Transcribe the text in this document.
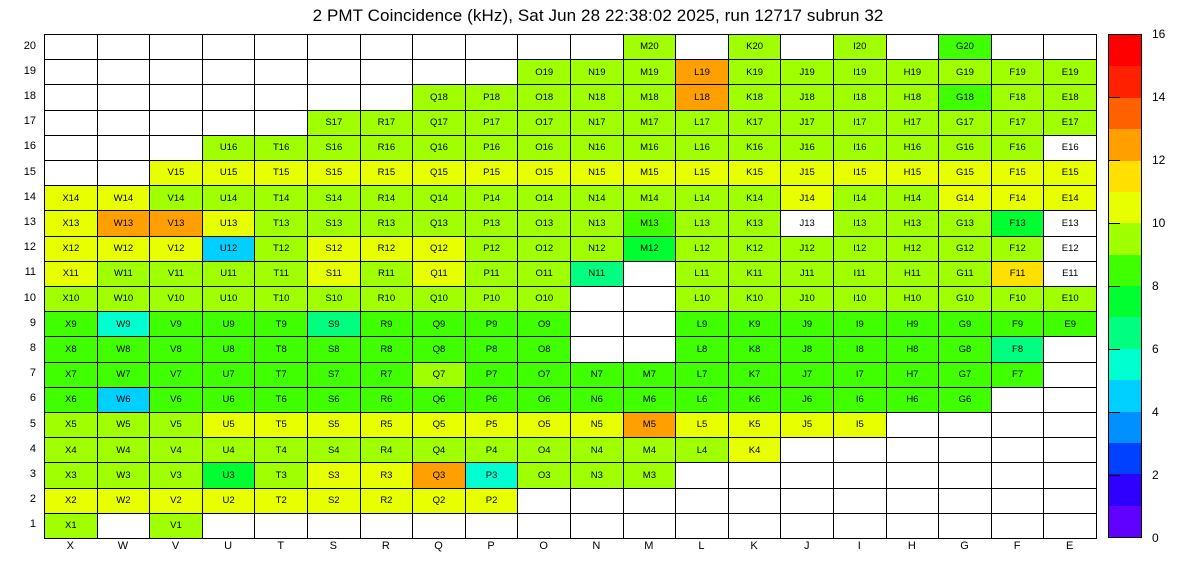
2 PMT Coincidence (kHz), Sat Jun 28 22:38:02 2025, run 12717 subrun 32
20
19
18
17
16
15
14
13
12
11
10
9
8
7
6
5
4
3
2
1
M20	K20	I20	G20
O19	N19	M19	L19	K19	J19	I19	H19	G19	F19	E19
Q18	P18	O18	N18	M18	L18	K18	J18	I18	H18	G18	F18	E18
S17	R17	Q17	P17	O17	N17	M17	L17	K17	J17	I17	H17	G17	F17	E17
U16	T16	S16	R16	Q16	P16	O16	N16	M16	L16	K16	J16	I16	H16	G16	F16	E16
V15	U15	T15	S15	R15	Q15	P15	O15	N15	M15	L15	K15	J15	I15	H15	G15	F15	E15
X14	W14	V14	U14	T14	S14	R14	Q14	P14	O14	N14	M14	L14	K14	J14	I14	H14	G14	F14	E14
X13	W13	V13	U13	T13	S13	R13	Q13	P13	O13	N13	M13	L13	K13	J13	I13	H13	G13	F13	E13
X12	W12	V12	U12	T12	S12	R12	Q12	P12	O12	N12	M12	L12	K12	J12	I12	H12	G12	F12	E12
X11	W11	V11	U11	T11	S11	R11	Q11	P11	O11	N11	L11	K11	J11	I11	H11	G11	F11	E11
X10	W10	V10	U10	T10	S10	R10	Q10	P10	O10	L10	K10	J10	I10	H10	G10	F10	E10
X9	W9	V9	U9	T9	S9	R9	Q9	P9	O9	L9	K9	J9	I9	H9	G9	F9	E9
X8	W8	V8	U8	T8	S8	R8	Q8	P8	O8	L8	K8	J8	I8	H8	G8	F8
X7	W7	V7	U7	T7	S7	R7	Q7	P7	O7	N7	M7	L7	K7	J7	I7	H7	G7	F7
X6	W6	V6	U6	T6	S6	R6	Q6	P6	O6	N6	M6	L6	K6	J6	I6	H6	G6
X5	W5	V5	U5	T5	S5	R5	Q5	P5	O5	N5	M5	L5	K5	J5	I5
X4	W4	V4	U4	T4	S4	R4	Q4	P4	O4	N4	M4	L4	K4
X3	W3	V3	U3	T3	S3	R3	Q3	P3	O3	N3	M3
X2	W2	V2	U2	T2	S2	R2	Q2	P2
X1	V1
X	W	V	U	T	S	R	Q	P	O	N	M	L	K	J	I	H	G	F	E
0
2
4
6
8
10
12
14
16
